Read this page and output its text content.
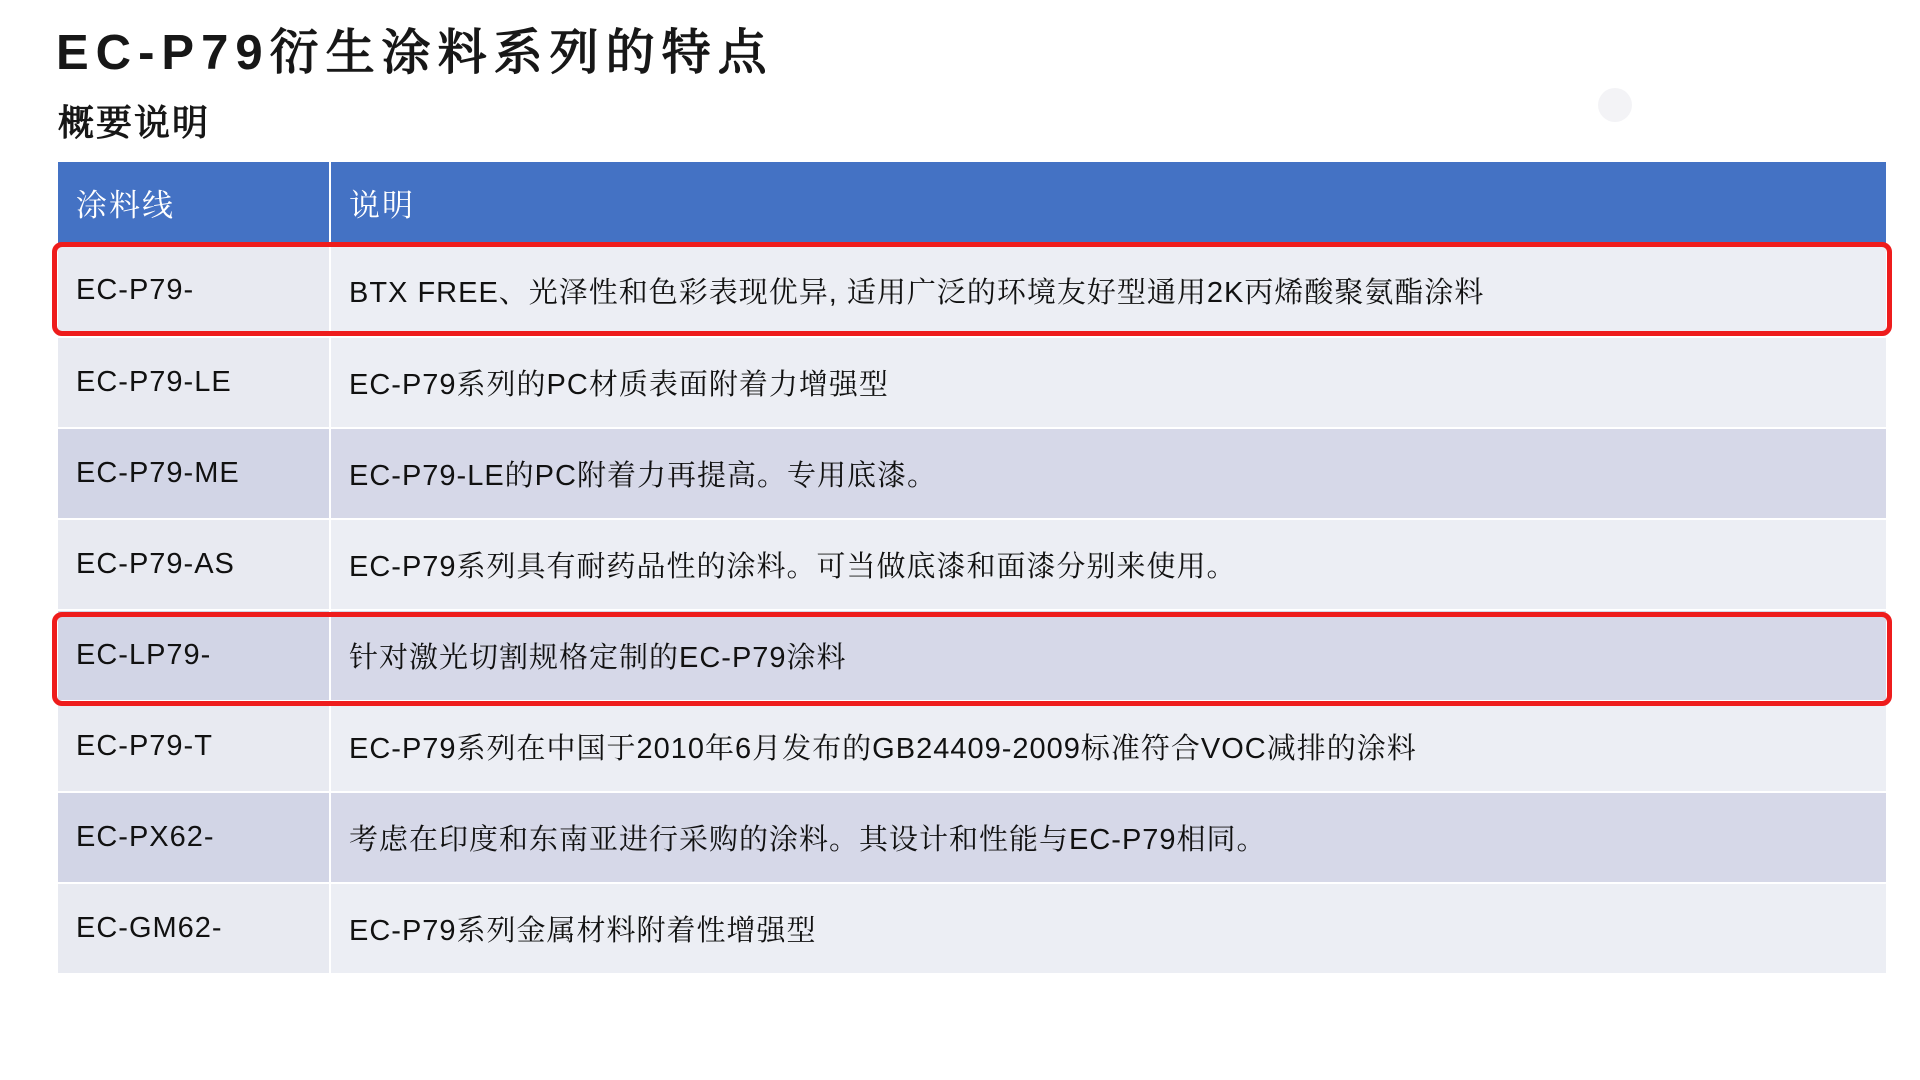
EC-P79衍生涂料系列的特点
概要说明
涂料线	说明
EC-P79-	BTX FREE、光泽性和色彩表现优异, 适用广泛的环境友好型通用2K丙烯酸聚氨酯涂料
EC-P79-LE	EC-P79系列的PC材质表面附着力增强型
EC-P79-ME	EC-P79-LE的PC附着力再提高。专用底漆。
EC-P79-AS	EC-P79系列具有耐药品性的涂料。可当做底漆和面漆分别来使用。
EC-LP79-	针对激光切割规格定制的EC-P79涂料
EC-P79-T	EC-P79系列在中国于2010年6月发布的GB24409-2009标准符合VOC减排的涂料
EC-PX62-	考虑在印度和东南亚进行采购的涂料。其设计和性能与EC-P79相同。
EC-GM62-	EC-P79系列金属材料附着性增强型
